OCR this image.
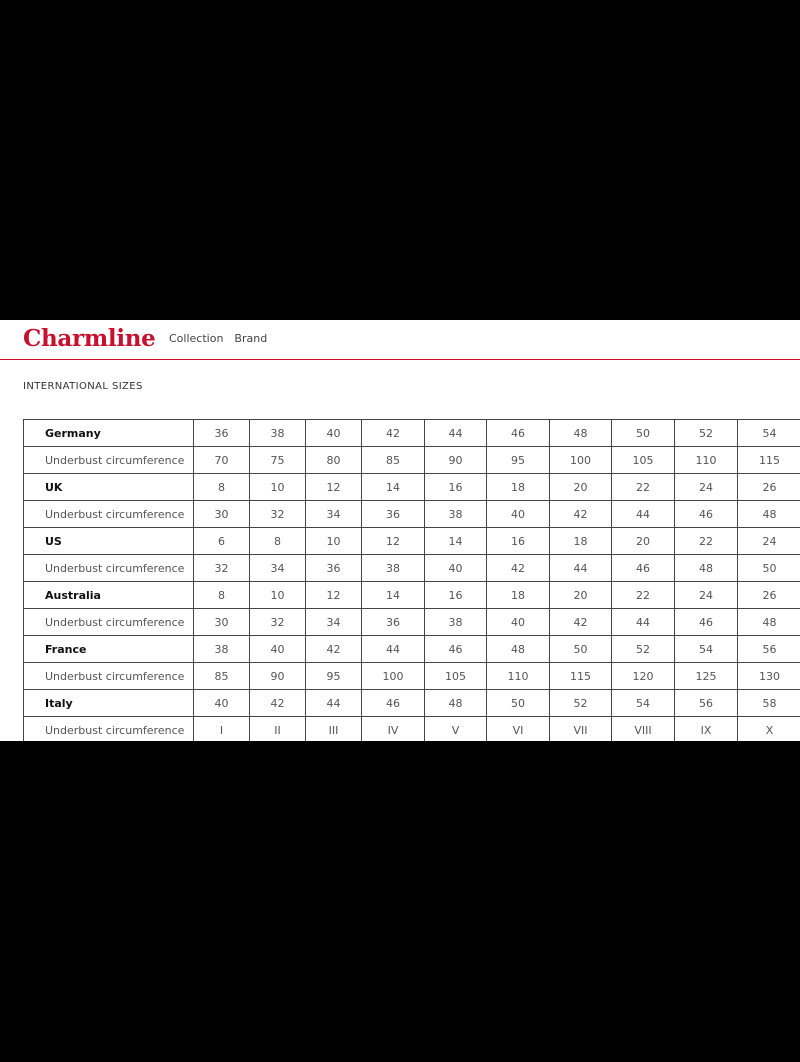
Charmline Collection Brand
INTERNATIONAL SIZES
Germany	36	38	40	42	44	46	48	50	52	54
Underbust circumference	70	75	80	85	90	95	100	105	110	115
UK	8	10	12	14	16	18	20	22	24	26
Underbust circumference	30	32	34	36	38	40	42	44	46	48
US	6	8	10	12	14	16	18	20	22	24
Underbust circumference	32	34	36	38	40	42	44	46	48	50
Australia	8	10	12	14	16	18	20	22	24	26
Underbust circumference	30	32	34	36	38	40	42	44	46	48
France	38	40	42	44	46	48	50	52	54	56
Underbust circumference	85	90	95	100	105	110	115	120	125	130
Italy	40	42	44	46	48	50	52	54	56	58
Underbust circumference	I	II	III	IV	V	VI	VII	VIII	IX	X
